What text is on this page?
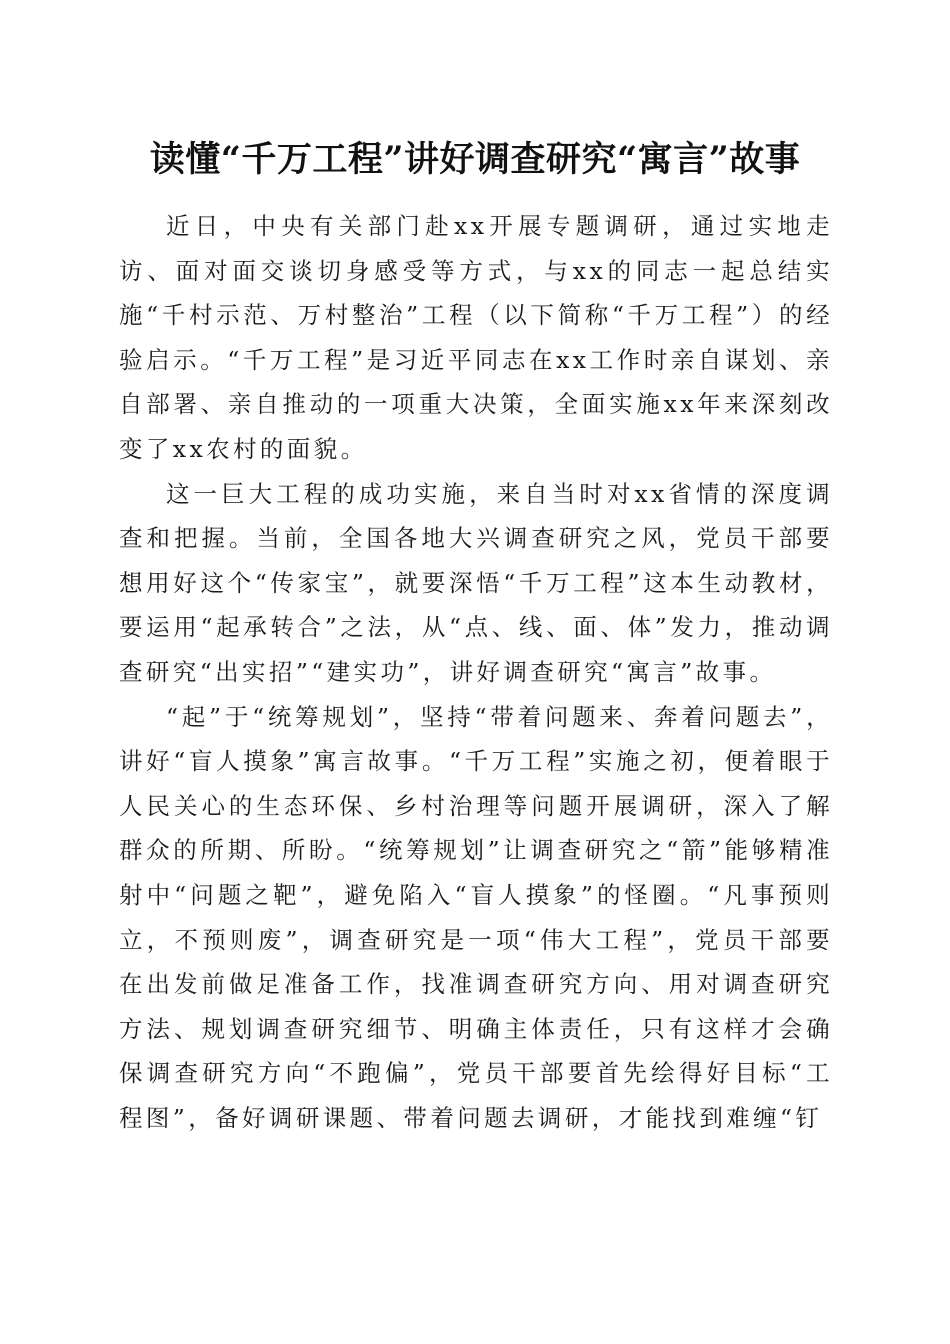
读懂“千万工程”讲好调查研究“寓言”故事

近日，中央有关部门赴xx开展专题调研，通过实地走访、面对面交谈切身感受等方式，与xx的同志一起总结实施“千村示范、万村整治”工程（以下简称“千万工程”）的经验启示。“千万工程”是习近平同志在xx工作时亲自谋划、亲自部署、亲自推动的一项重大决策，全面实施xx年来深刻改变了xx农村的面貌。

这一巨大工程的成功实施，来自当时对xx省情的深度调查和把握。当前，全国各地大兴调查研究之风，党员干部要想用好这个“传家宝”，就要深悟“千万工程”这本生动教材，要运用“起承转合”之法，从“点、线、面、体”发力，推动调查研究“出实招”“建实功”，讲好调查研究“寓言”故事。

“起”于“统筹规划”，坚持“带着问题来、奔着问题去”，讲好“盲人摸象”寓言故事。“千万工程”实施之初，便着眼于人民关心的生态环保、乡村治理等问题开展调研，深入了解群众的所期、所盼。“统筹规划”让调查研究之“箭”能够精准射中“问题之靶”，避免陷入“盲人摸象”的怪圈。“凡事预则立，不预则废”，调查研究是一项“伟大工程”，党员干部要在出发前做足准备工作，找准调查研究方向、用对调查研究方法、规划调查研究细节、明确主体责任，只有这样才会确保调查研究方向“不跑偏”，党员干部要首先绘得好目标“工程图”，备好调研课题、带着问题去调研，才能找到难缠“钉
